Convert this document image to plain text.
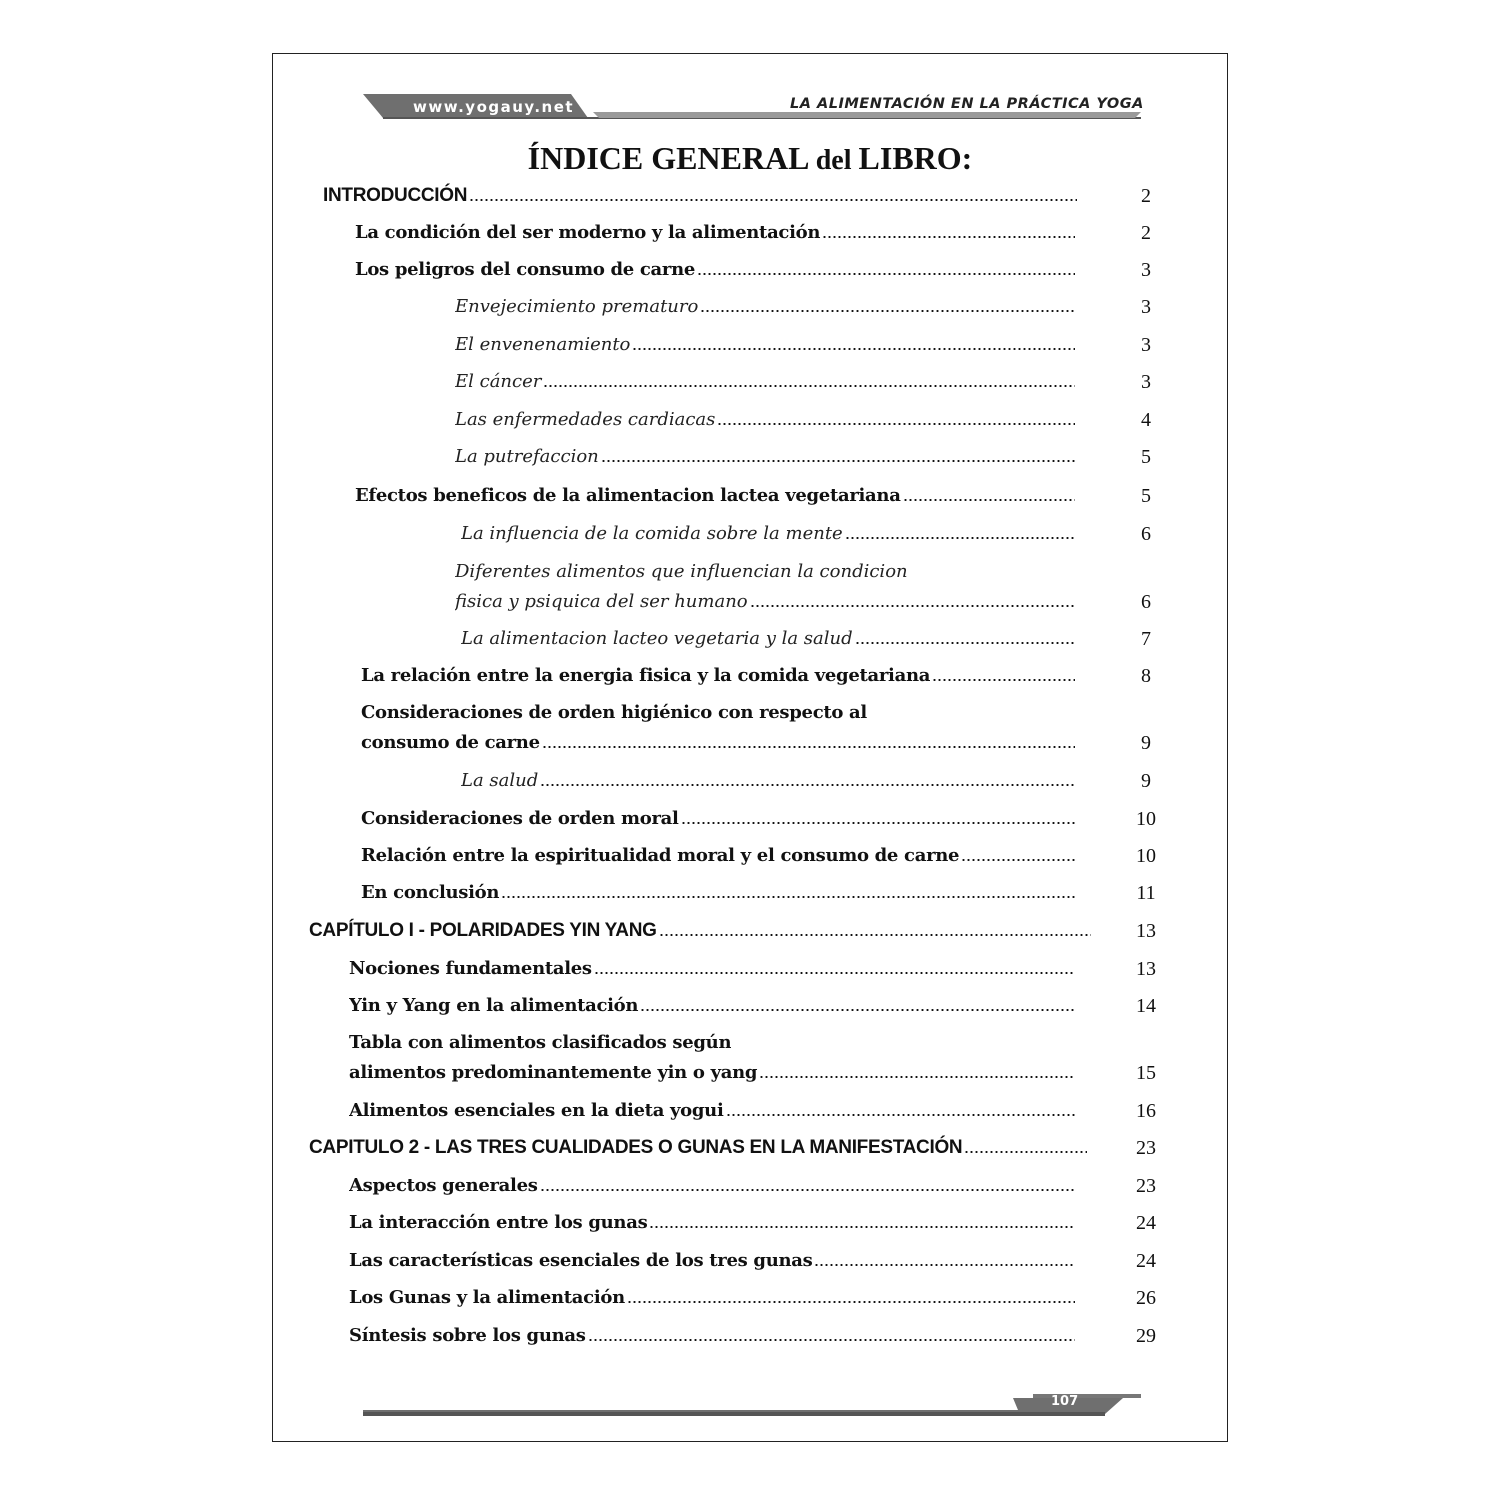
www.yogauy.net	LA ALIMENTACIÓN EN LA PRÁCTICA YOGA
ÍNDICE GENERAL del LIBRO:
INTRODUCCIÓN	2
La condición del ser moderno y la alimentación	2
Los peligros del consumo de carne	3
Envejecimiento prematuro	3
El envenenamiento	3
El cáncer	3
Las enfermedades cardiacas	4
La putrefaccion	5
Efectos beneficos de la alimentacion lactea vegetariana	5
La influencia de la comida sobre la mente	6
Diferentes alimentos que influencian la condicion
fisica y psiquica del ser humano	6
La alimentacion lacteo vegetaria y la salud	7
La relación entre la energia fisica y la comida vegetariana	8
Consideraciones de orden higiénico con respecto al
consumo de carne	9
La salud	9
Consideraciones de orden moral	10
Relación entre la espiritualidad moral y el consumo de carne	10
En conclusión	11
CAPÍTULO I - POLARIDADES YIN YANG	13
Nociones fundamentales	13
Yin y Yang en la alimentación	14
Tabla con alimentos clasificados según
alimentos predominantemente yin o yang	15
Alimentos esenciales en la dieta yogui	16
CAPITULO 2 - LAS TRES CUALIDADES O GUNAS EN LA MANIFESTACIÓN	23
Aspectos generales	23
La interacción entre los gunas	24
Las características esenciales de los tres gunas	24
Los Gunas y la alimentación	26
Síntesis sobre los gunas	29
107
